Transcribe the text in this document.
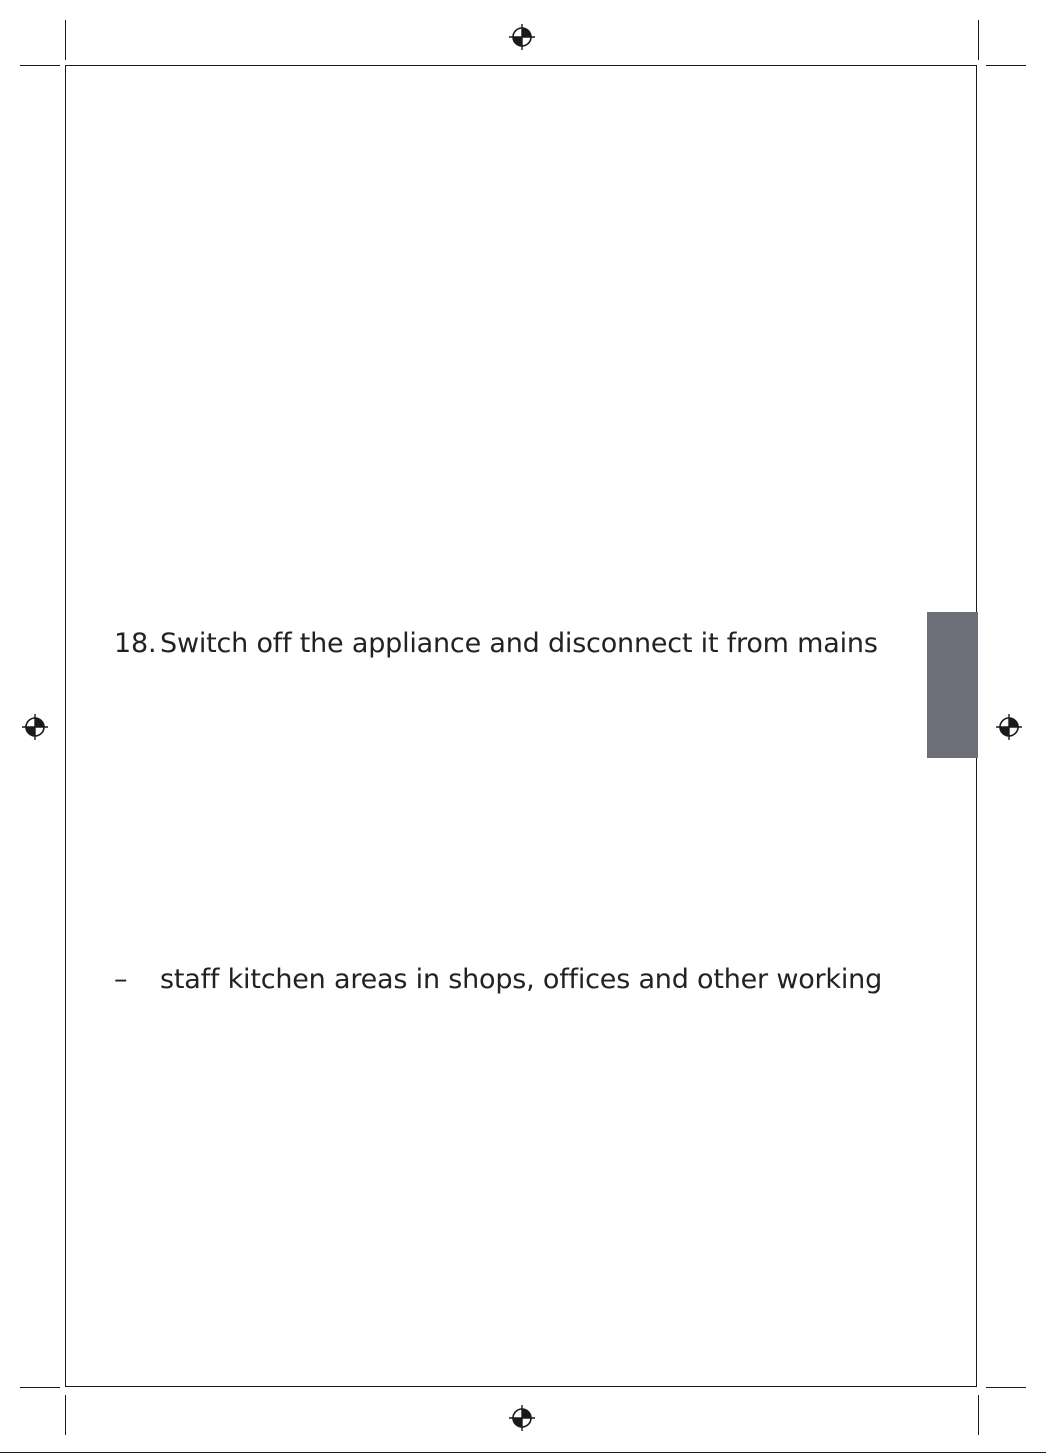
18. Switch off the appliance and disconnect it from mains
– staff kitchen areas in shops, offices and other working
